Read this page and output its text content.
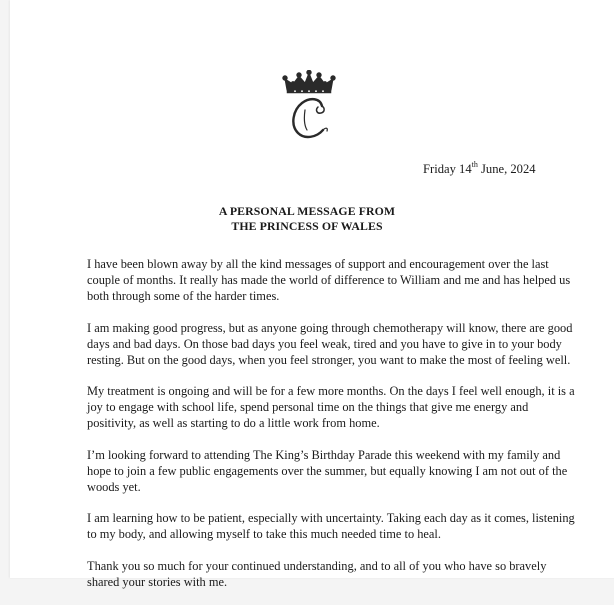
Friday 14th June, 2024
A PERSONAL MESSAGE FROM
THE PRINCESS OF WALES

I have been blown away by all the kind messages of support and encouragement over the last couple of months. It really has made the world of difference to William and me and has helped us both through some of the harder times.

I am making good progress, but as anyone going through chemotherapy will know, there are good days and bad days. On those bad days you feel weak, tired and you have to give in to your body resting. But on the good days, when you feel stronger, you want to make the most of feeling well.

My treatment is ongoing and will be for a few more months. On the days I feel well enough, it is a joy to engage with school life, spend personal time on the things that give me energy and positivity, as well as starting to do a little work from home.

I’m looking forward to attending The King’s Birthday Parade this weekend with my family and hope to join a few public engagements over the summer, but equally knowing I am not out of the woods yet.

I am learning how to be patient, especially with uncertainty. Taking each day as it comes, listening to my body, and allowing myself to take this much needed time to heal.

Thank you so much for your continued understanding, and to all of you who have so bravely shared your stories with me.
